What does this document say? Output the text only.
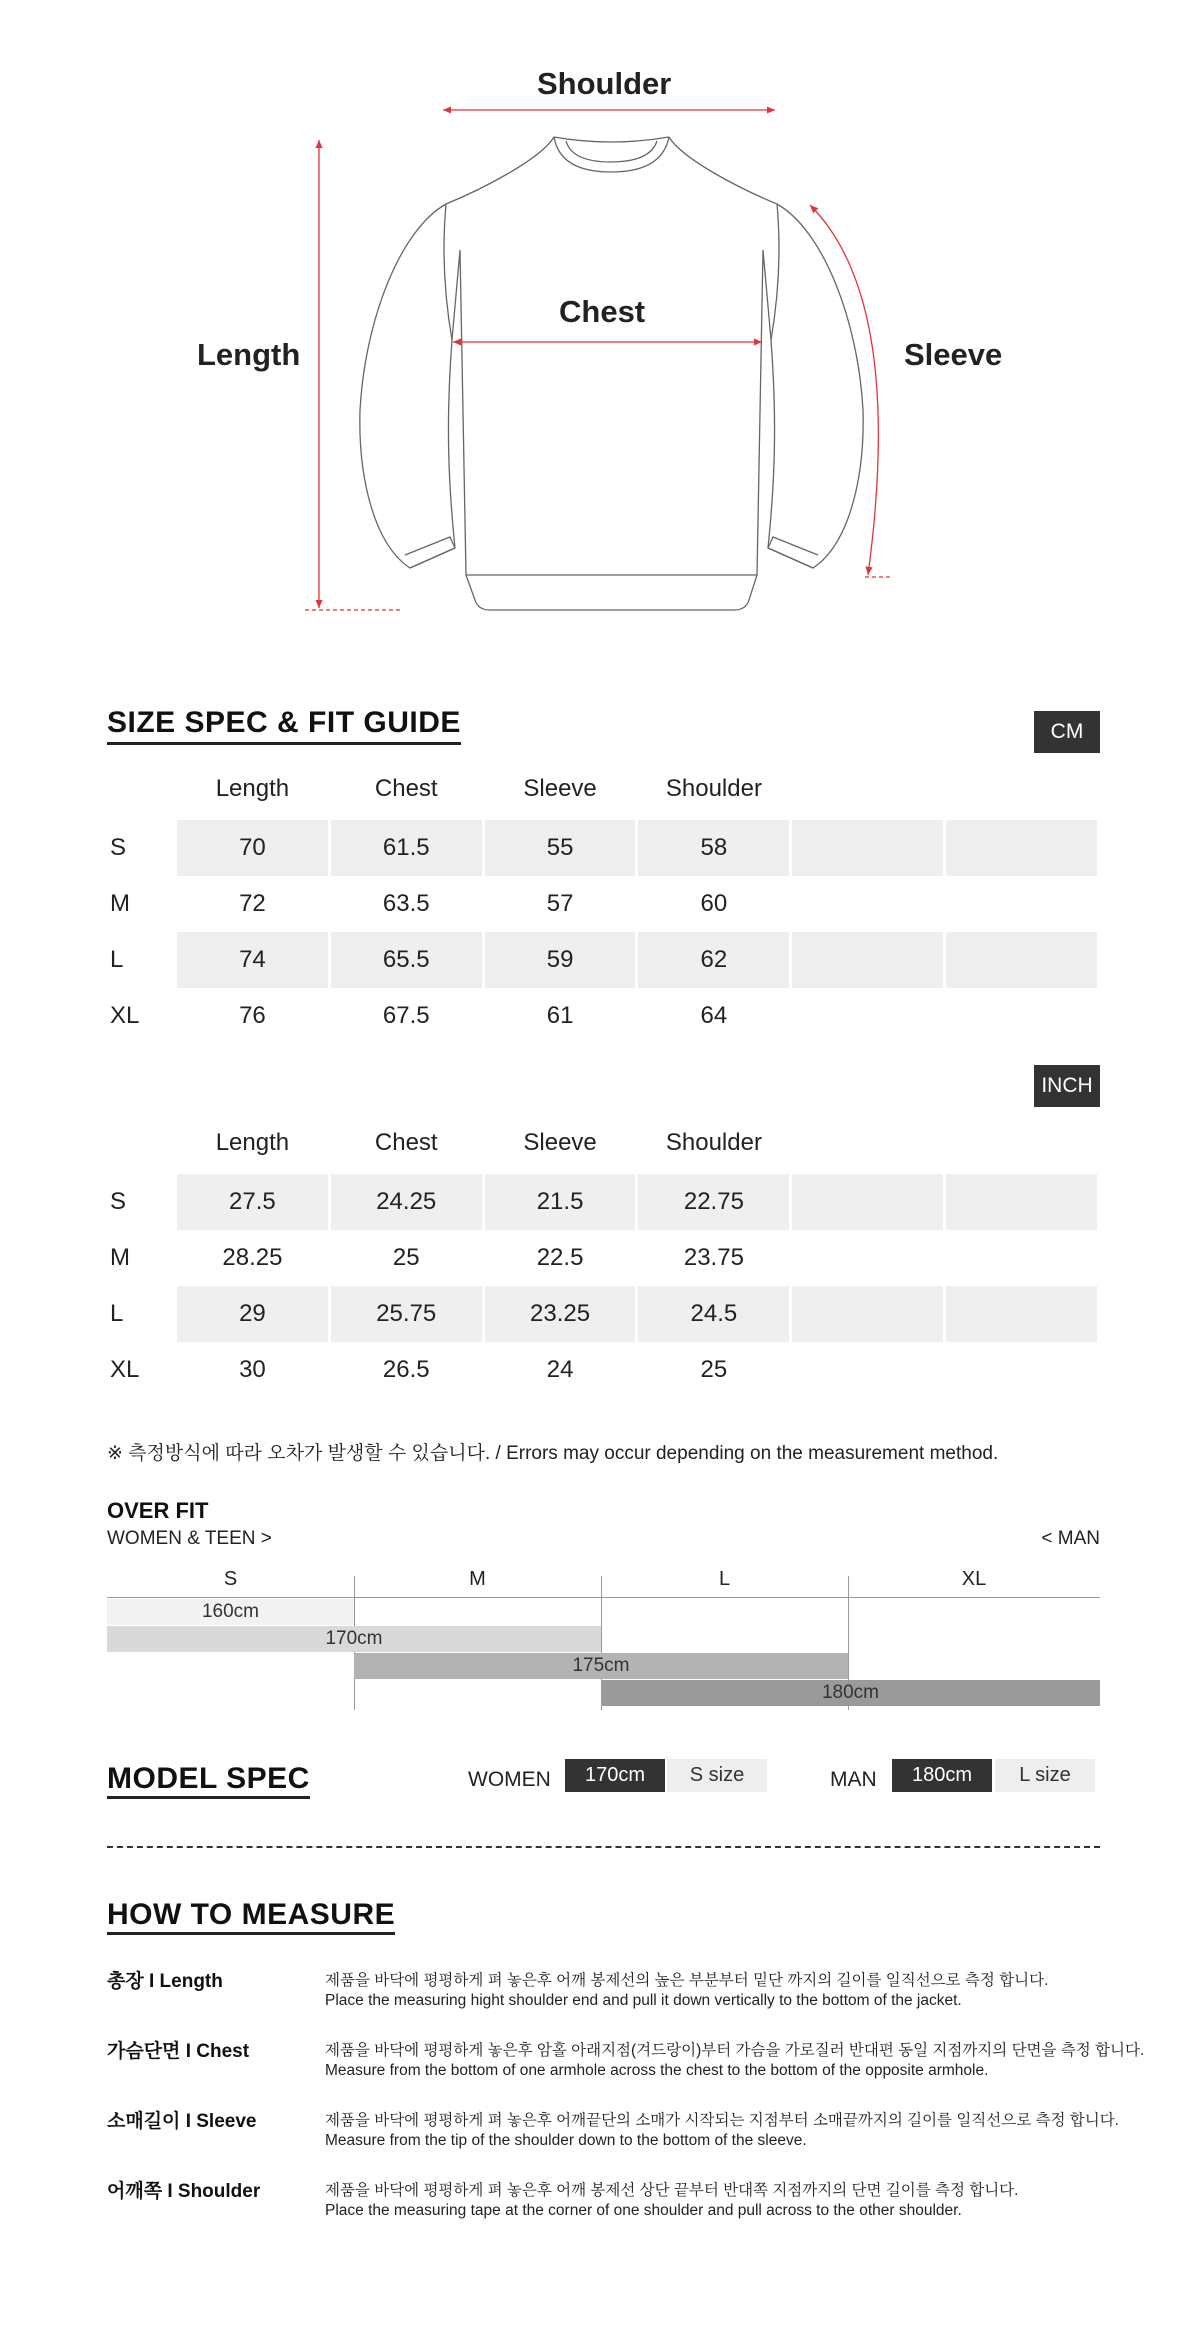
Shoulder
Chest
Length	Sleeve
SIZE SPEC & FIT GUIDE	CM
	Length	Chest	Sleeve	Shoulder		
S	70	61.5	55	58		
M	72	63.5	57	60		
L	74	65.5	59	62		
XL	76	67.5	61	64		
INCH
	Length	Chest	Sleeve	Shoulder		
S	27.5	24.25	21.5	22.75		
M	28.25	25	22.5	23.75		
L	29	25.75	23.25	24.5		
XL	30	26.5	24	25		
※ 측정방식에 따라 오차가 발생할 수 있습니다. / Errors may occur depending on the measurement method.
OVER FIT
WOMEN & TEEN >	< MAN
S	M	L	XL
160cm
170cm
175cm
180cm
MODEL SPEC	WOMEN	170cm	S size	MAN	180cm	L size
HOW TO MEASURE
총장 I Length	제품을 바닥에 평평하게 펴 놓은후 어깨 봉제선의 높은 부분부터 밑단 까지의 길이를 일직선으로 측정 합니다.
Place the measuring hight shoulder end and pull it down vertically to the bottom of the jacket.
가슴단면 I Chest	제품을 바닥에 평평하게 놓은후 암홀 아래지점(겨드랑이)부터 가슴을 가로질러 반대편 동일 지점까지의 단면을 측정 합니다.
Measure from the bottom of one armhole across the chest to the bottom of the opposite armhole.
소매길이 I Sleeve	제품을 바닥에 평평하게 펴 놓은후 어깨끝단의 소매가 시작되는 지점부터 소매끝까지의 길이를 일직선으로 측정 합니다.
Measure from the tip of the shoulder down to the bottom of the sleeve.
어깨쪽 I Shoulder	제품을 바닥에 평평하게 펴 놓은후 어깨 봉제선 상단 끝부터 반대쪽 지점까지의 단면 길이를 측정 합니다.
Place the measuring tape at the corner of one shoulder and pull across to the other shoulder.
